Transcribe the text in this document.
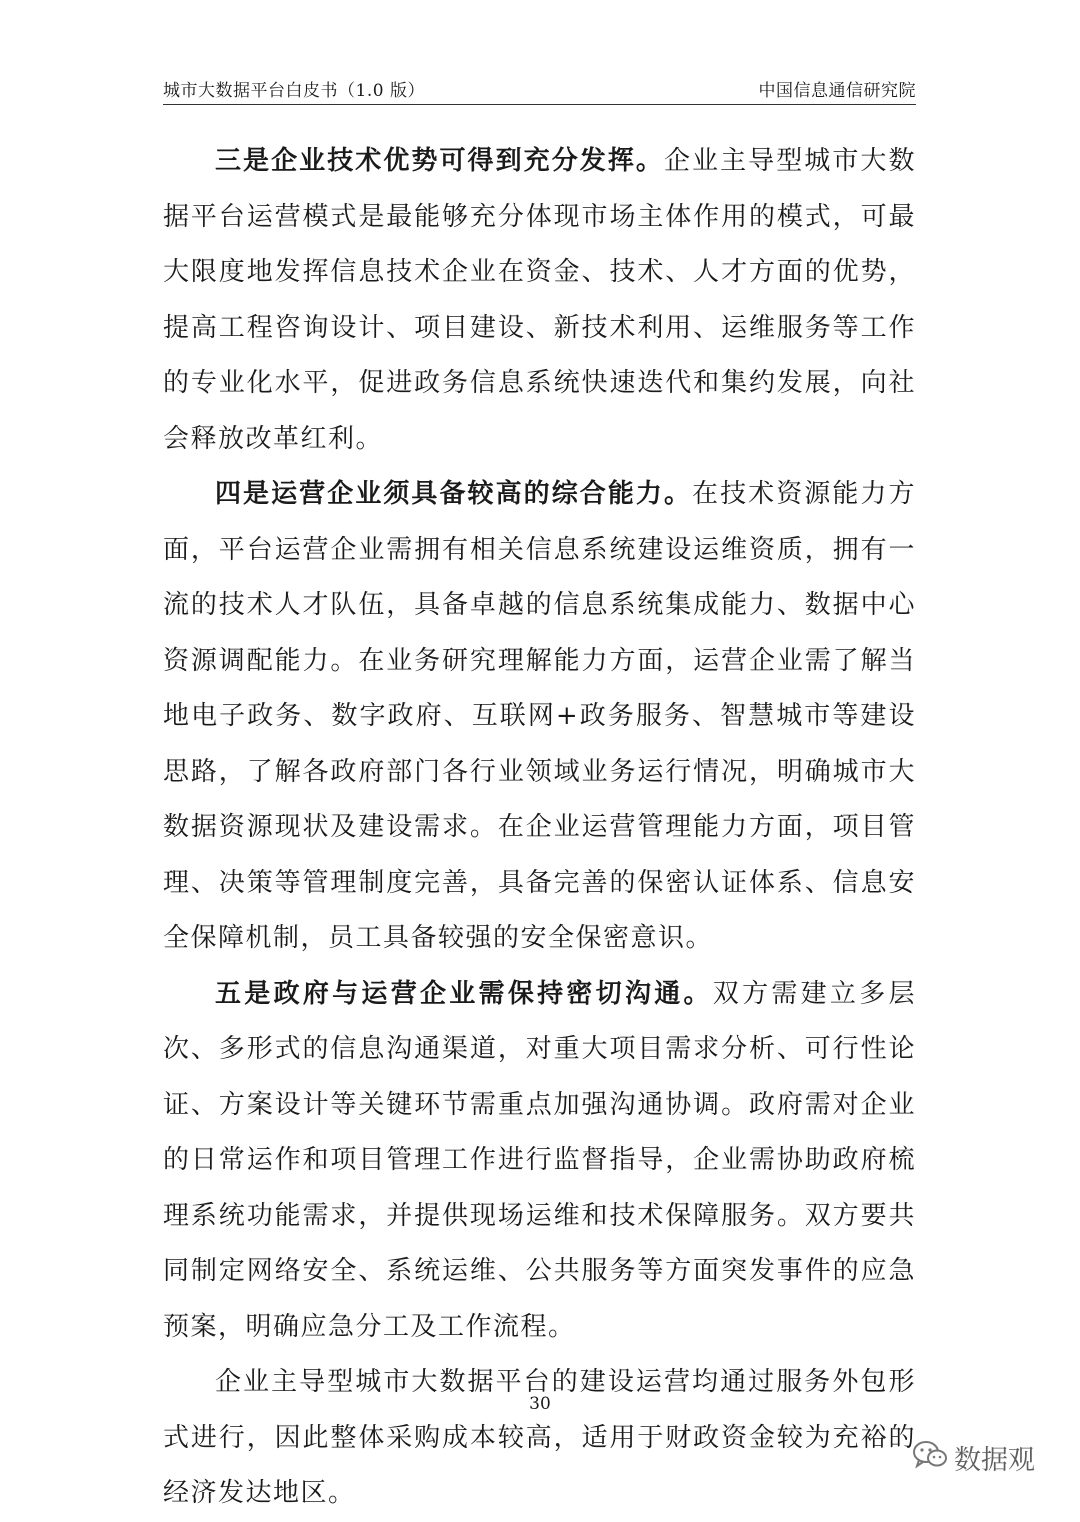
城市大数据平台白皮书（1.0 版）	中国信息通信研究院

三是企业技术优势可得到充分发挥。企业主导型城市大数据平台运营模式是最能够充分体现市场主体作用的模式，可最大限度地发挥信息技术企业在资金、技术、人才方面的优势，提高工程咨询设计、项目建设、新技术利用、运维服务等工作的专业化水平，促进政务信息系统快速迭代和集约发展，向社会释放改革红利。

四是运营企业须具备较高的综合能力。在技术资源能力方面，平台运营企业需拥有相关信息系统建设运维资质，拥有一流的技术人才队伍，具备卓越的信息系统集成能力、数据中心资源调配能力。在业务研究理解能力方面，运营企业需了解当地电子政务、数字政府、互联网+政务服务、智慧城市等建设思路，了解各政府部门各行业领域业务运行情况，明确城市大数据资源现状及建设需求。在企业运营管理能力方面，项目管理、决策等管理制度完善，具备完善的保密认证体系、信息安全保障机制，员工具备较强的安全保密意识。

五是政府与运营企业需保持密切沟通。双方需建立多层次、多形式的信息沟通渠道，对重大项目需求分析、可行性论证、方案设计等关键环节需重点加强沟通协调。政府需对企业的日常运作和项目管理工作进行监督指导，企业需协助政府梳理系统功能需求，并提供现场运维和技术保障服务。双方要共同制定网络安全、系统运维、公共服务等方面突发事件的应急预案，明确应急分工及工作流程。

企业主导型城市大数据平台的建设运营均通过服务外包形式进行，因此整体采购成本较高，适用于财政资金较为充裕的经济发达地区。

30
数据观
